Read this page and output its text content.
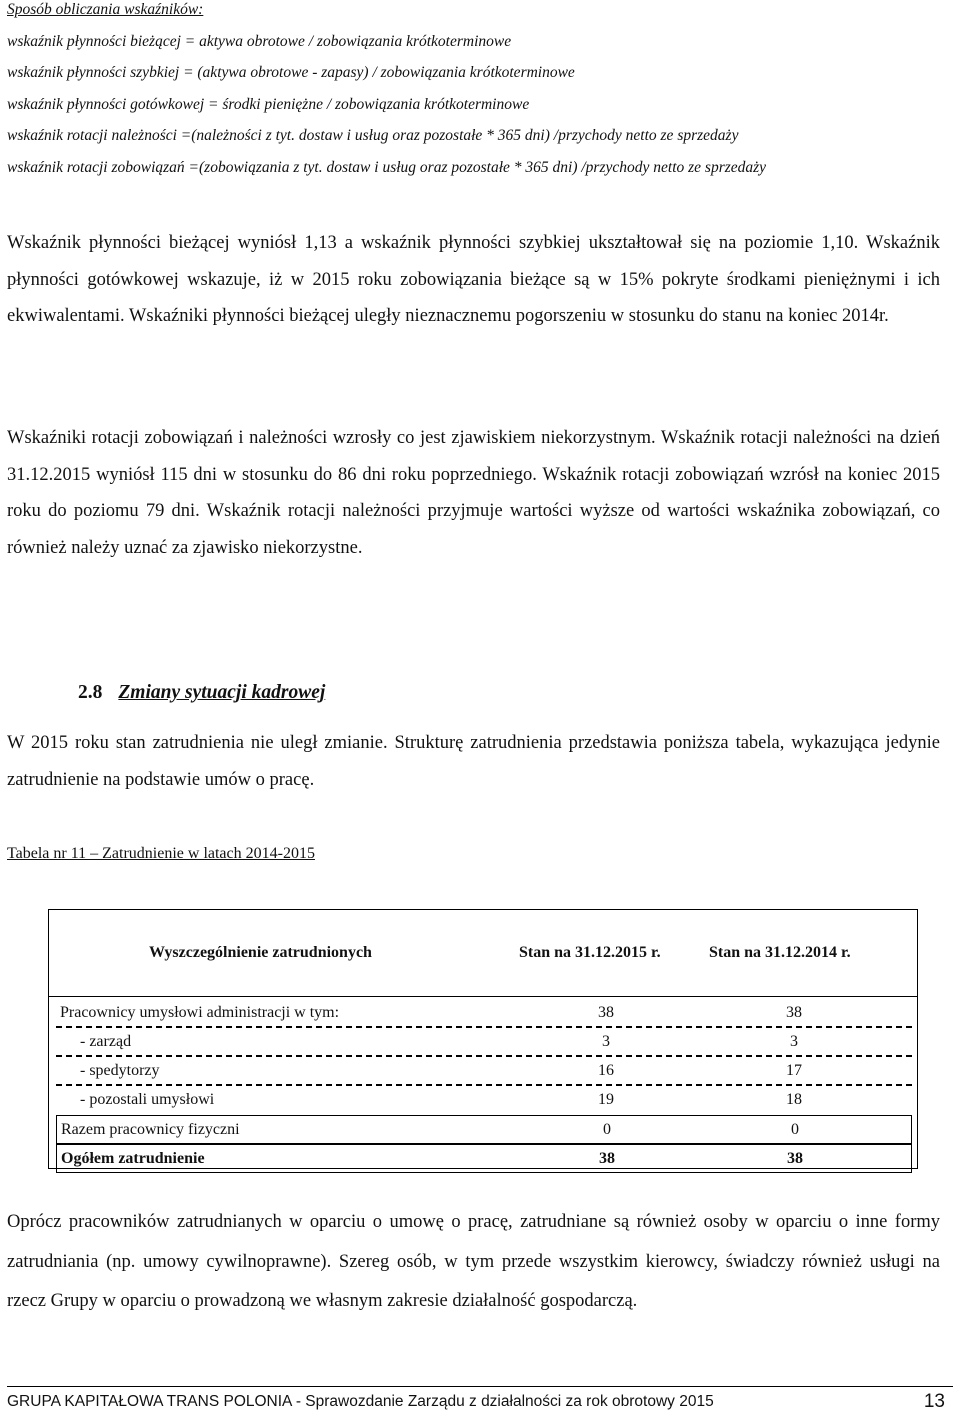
Sposób obliczania wskaźników:

wskaźnik płynności bieżącej = aktywa obrotowe / zobowiązania krótkoterminowe

wskaźnik płynności szybkiej = (aktywa obrotowe - zapasy) / zobowiązania krótkoterminowe

wskaźnik płynności gotówkowej = środki pieniężne / zobowiązania krótkoterminowe

wskaźnik rotacji należności =(należności z tyt. dostaw i usług oraz pozostałe * 365 dni) /przychody netto ze sprzedaży

wskaźnik rotacji zobowiązań =(zobowiązania z tyt. dostaw i usług oraz pozostałe * 365 dni) /przychody netto ze sprzedaży

Wskaźnik płynności bieżącej wyniósł 1,13 a wskaźnik płynności szybkiej ukształtował się na poziomie 1,10. Wskaźnik płynności gotówkowej wskazuje, iż w 2015 roku zobowiązania bieżące są w 15% pokryte środkami pieniężnymi i ich ekwiwalentami. Wskaźniki płynności bieżącej uległy nieznacznemu pogorszeniu w stosunku do stanu na koniec 2014r.

Wskaźniki rotacji zobowiązań i należności wzrosły co jest zjawiskiem niekorzystnym. Wskaźnik rotacji należności na dzień 31.12.2015 wyniósł 115 dni w stosunku do 86 dni roku poprzedniego. Wskaźnik rotacji zobowiązań wzrósł na koniec 2015 roku do poziomu 79 dni. Wskaźnik rotacji należności przyjmuje wartości wyższe od wartości wskaźnika zobowiązań, co również należy uznać za zjawisko niekorzystne.

2.8 Zmiany sytuacji kadrowej

W 2015 roku stan zatrudnienia nie uległ zmianie. Strukturę zatrudnienia przedstawia poniższa tabela, wykazująca jedynie zatrudnienie na podstawie umów o pracę.

Tabela nr 11 – Zatrudnienie w latach 2014-2015

Wyszczególnienie zatrudnionych	Stan na 31.12.2015 r.	Stan na 31.12.2014 r.
Pracownicy umysłowi administracji w tym:	38	38
- zarząd	3	3
- spedytorzy	16	17
- pozostali umysłowi	19	18
Razem pracownicy fizyczni	0	0
Ogółem zatrudnienie	38	38

Oprócz pracowników zatrudnianych w oparciu o umowę o pracę, zatrudniane są również osoby w oparciu o inne formy zatrudniania (np. umowy cywilnoprawne). Szereg osób, w tym przede wszystkim kierowcy, świadczy również usługi na rzecz Grupy w oparciu o prowadzoną we własnym zakresie działalność gospodarczą.

GRUPA KAPITAŁOWA TRANS POLONIA - Sprawozdanie Zarządu z działalności za rok obrotowy 2015	13
